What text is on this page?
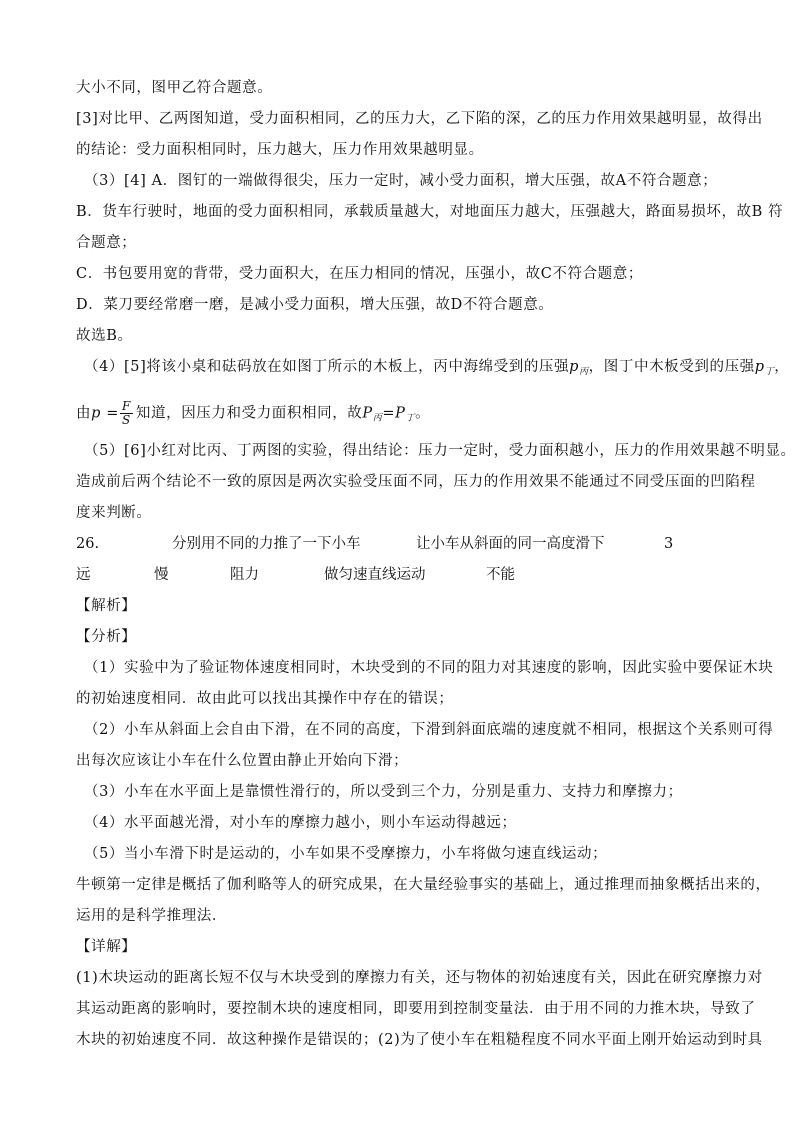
大小不同，图甲乙符合题意。
[3]对比甲、乙两图知道，受力面积相同，乙的压力大，乙下陷的深，乙的压力作用效果越明显，故得出
的结论：受力面积相同时，压力越大，压力作用效果越明显。
（3）[4] A．图钉的一端做得很尖，压力一定时，减小受力面积，增大压强，故A不符合题意；
B．货车行驶时，地面的受力面积相同，承载质量越大，对地面压力越大，压强越大，路面易损坏，故B 符
合题意；
C．书包要用宽的背带，受力面积大，在压力相同的情况，压强小，故C不符合题意；
D．菜刀要经常磨一磨，是减小受力面积，增大压强，故D不符合题意。
故选B。
（4）[5]将该小桌和砝码放在如图丁所示的木板上，丙中海绵受到的压强$p_丙$，图丁中木板受到的压强$p_丁$，
由$p = \frac{F}{S}$ 知道，因压力和受力面积相同，故$P_丙=P_丁$。
（5）[6]小红对比丙、丁两图的实验，得出结论：压力一定时，受力面积越小，压力的作用效果越不明显。
造成前后两个结论不一致的原因是两次实验受压面不同，压力的作用效果不能通过不同受压面的凹陷程
度来判断。
26.	分别用不同的力推了一下小车	让小车从斜面的同一高度滑下	3
远	慢	阻力	做匀速直线运动	不能
【解析】
【分析】
（1）实验中为了验证物体速度相同时，木块受到的不同的阻力对其速度的影响，因此实验中要保证木块
的初始速度相同．故由此可以找出其操作中存在的错误；
（2）小车从斜面上会自由下滑，在不同的高度，下滑到斜面底端的速度就不相同，根据这个关系则可得
出每次应该让小车在什么位置由静止开始向下滑；
（3）小车在水平面上是靠惯性滑行的，所以受到三个力，分别是重力、支持力和摩擦力；
（4）水平面越光滑，对小车的摩擦力越小，则小车运动得越远；
（5）当小车滑下时是运动的，小车如果不受摩擦力，小车将做匀速直线运动；
牛顿第一定律是概括了伽利略等人的研究成果，在大量经验事实的基础上，通过推理而抽象概括出来的，
运用的是科学推理法．
【详解】
(1)木块运动的距离长短不仅与木块受到的摩擦力有关，还与物体的初始速度有关，因此在研究摩擦力对
其运动距离的影响时，要控制木块的速度相同，即要用到控制变量法．由于用不同的力推木块，导致了
木块的初始速度不同．故这种操作是错误的；(2)为了使小车在粗糙程度不同水平面上刚开始运动到时具
